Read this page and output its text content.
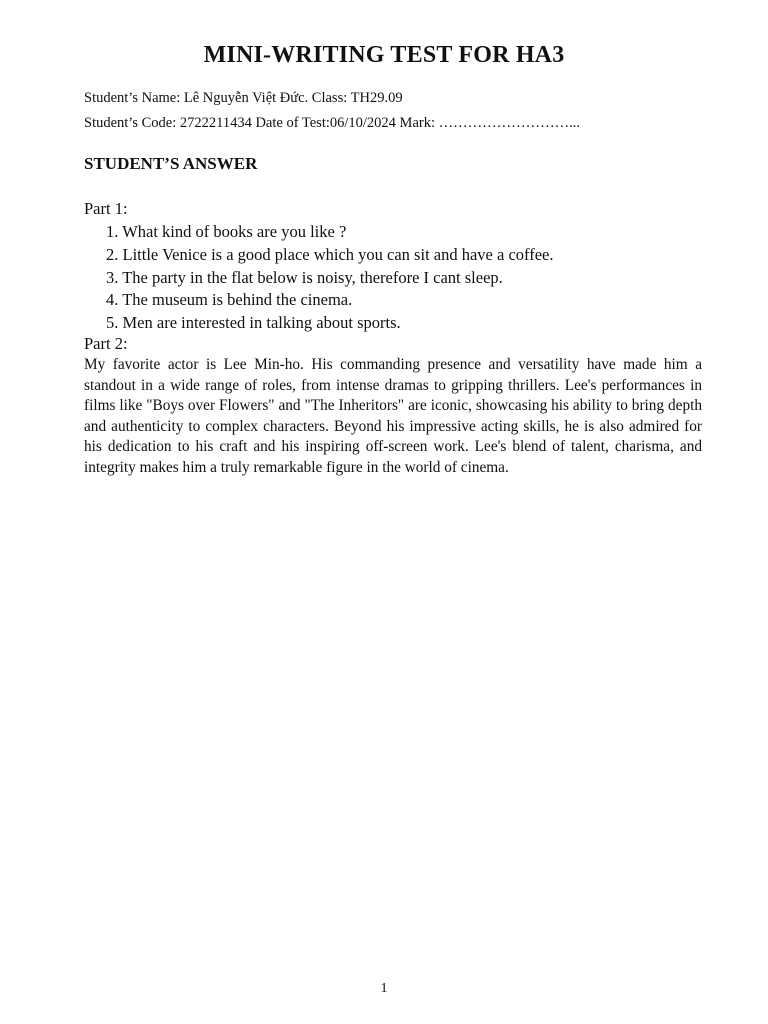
MINI-WRITING TEST FOR HA3
Student’s Name: Lê Nguyễn Việt Đức. Class: TH29.09
Student’s Code: 2722211434 Date of Test:06/10/2024 Mark: ………………………...
STUDENT’S ANSWER
Part 1:
1. What kind of books are you like ?
2. Little Venice is a good place which you can sit and have a coffee.
3. The party in the flat below is noisy, therefore I cant sleep.
4. The museum is behind the cinema.
5. Men are interested in talking about sports.
Part 2:

My favorite actor is Lee Min-ho. His commanding presence and versatility have made him a standout in a wide range of roles, from intense dramas to gripping thrillers. Lee's performances in films like "Boys over Flowers" and "The Inheritors" are iconic, showcasing his ability to bring depth and authenticity to complex characters. Beyond his impressive acting skills, he is also admired for his dedication to his craft and his inspiring off-screen work. Lee's blend of talent, charisma, and integrity makes him a truly remarkable figure in the world of cinema.

1
